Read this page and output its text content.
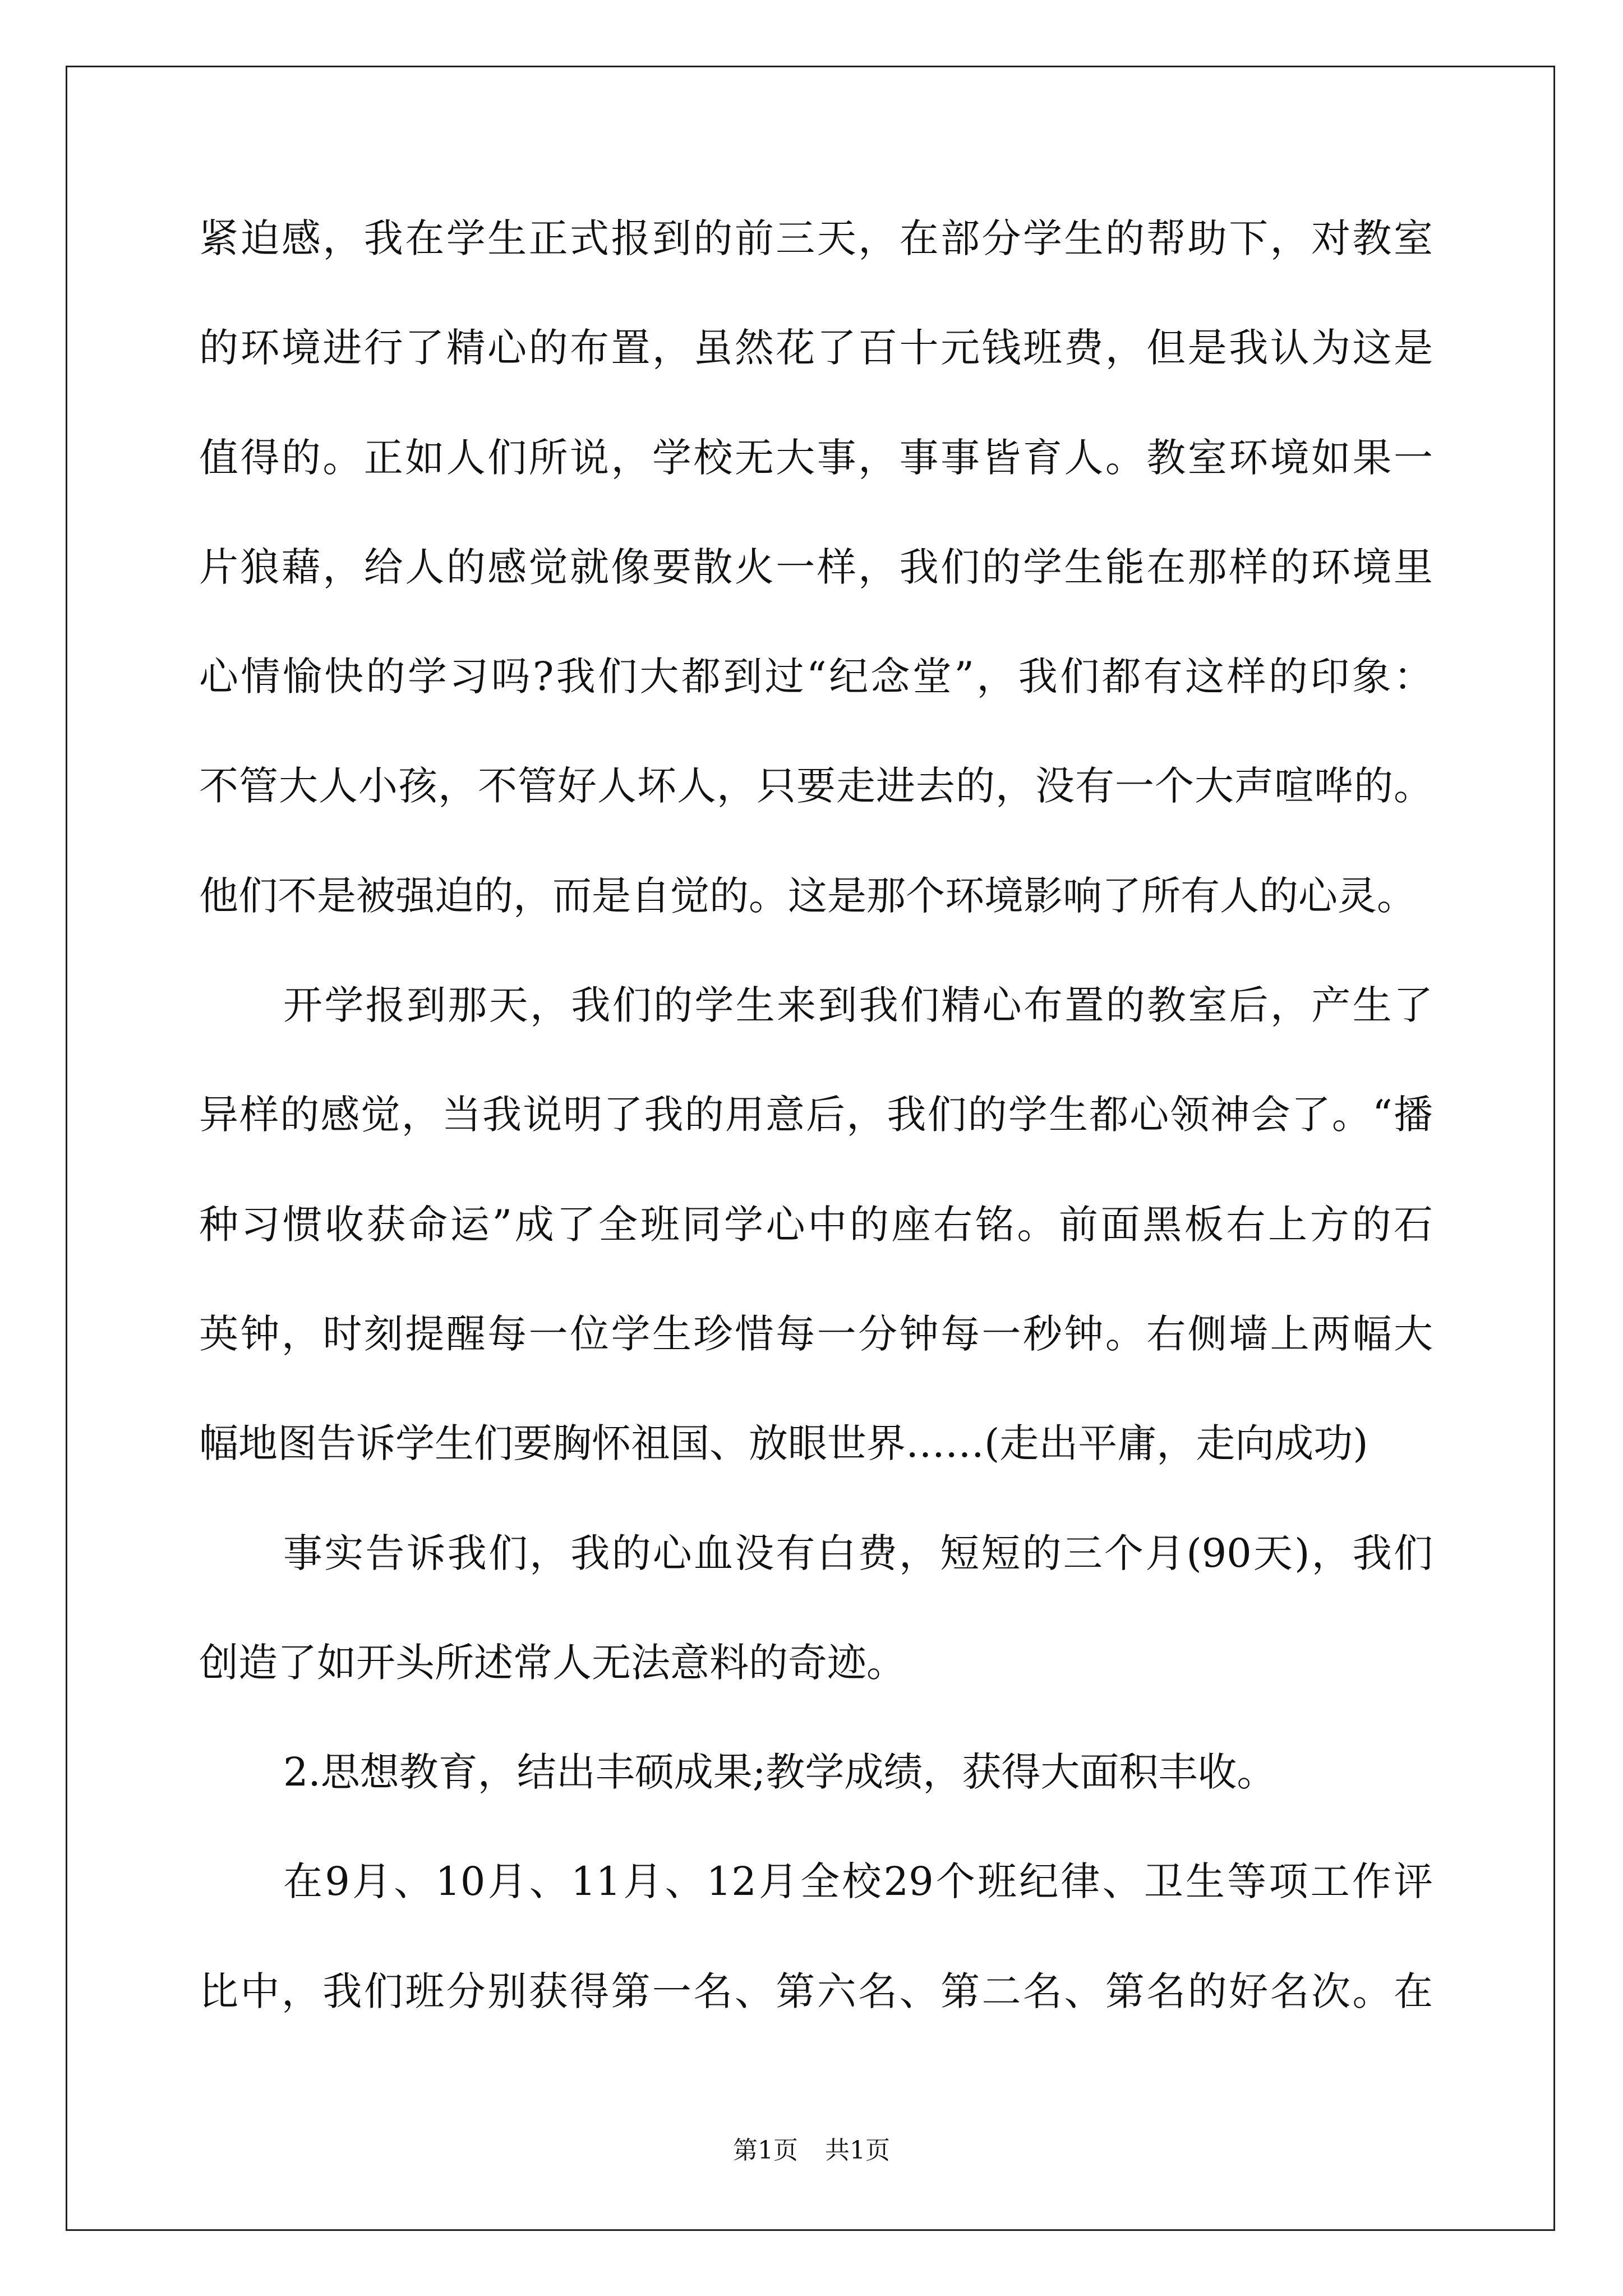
紧迫感，我在学生正式报到的前三天，在部分学生的帮助下，对教室
的环境进行了精心的布置，虽然花了百十元钱班费，但是我认为这是
值得的。正如人们所说，学校无大事，事事皆育人。教室环境如果一
片狼藉，给人的感觉就像要散火一样，我们的学生能在那样的环境里
心情愉快的学习吗?我们大都到过“纪念堂”，我们都有这样的印象：
不管大人小孩，不管好人坏人，只要走进去的，没有一个大声喧哗的。
他们不是被强迫的，而是自觉的。这是那个环境影响了所有人的心灵。
开学报到那天，我们的学生来到我们精心布置的教室后，产生了
异样的感觉，当我说明了我的用意后，我们的学生都心领神会了。“播
种习惯收获命运”成了全班同学心中的座右铭。前面黑板右上方的石
英钟，时刻提醒每一位学生珍惜每一分钟每一秒钟。右侧墙上两幅大
幅地图告诉学生们要胸怀祖国、放眼世界……(走出平庸，走向成功)
事实告诉我们，我的心血没有白费，短短的三个月(90天)，我们
创造了如开头所述常人无法意料的奇迹。
2.思想教育，结出丰硕成果;教学成绩，获得大面积丰收。
在9月、10月、11月、12月全校29个班纪律、卫生等项工作评
比中，我们班分别获得第一名、第六名、第二名、第名的好名次。在
第1页 共1页
